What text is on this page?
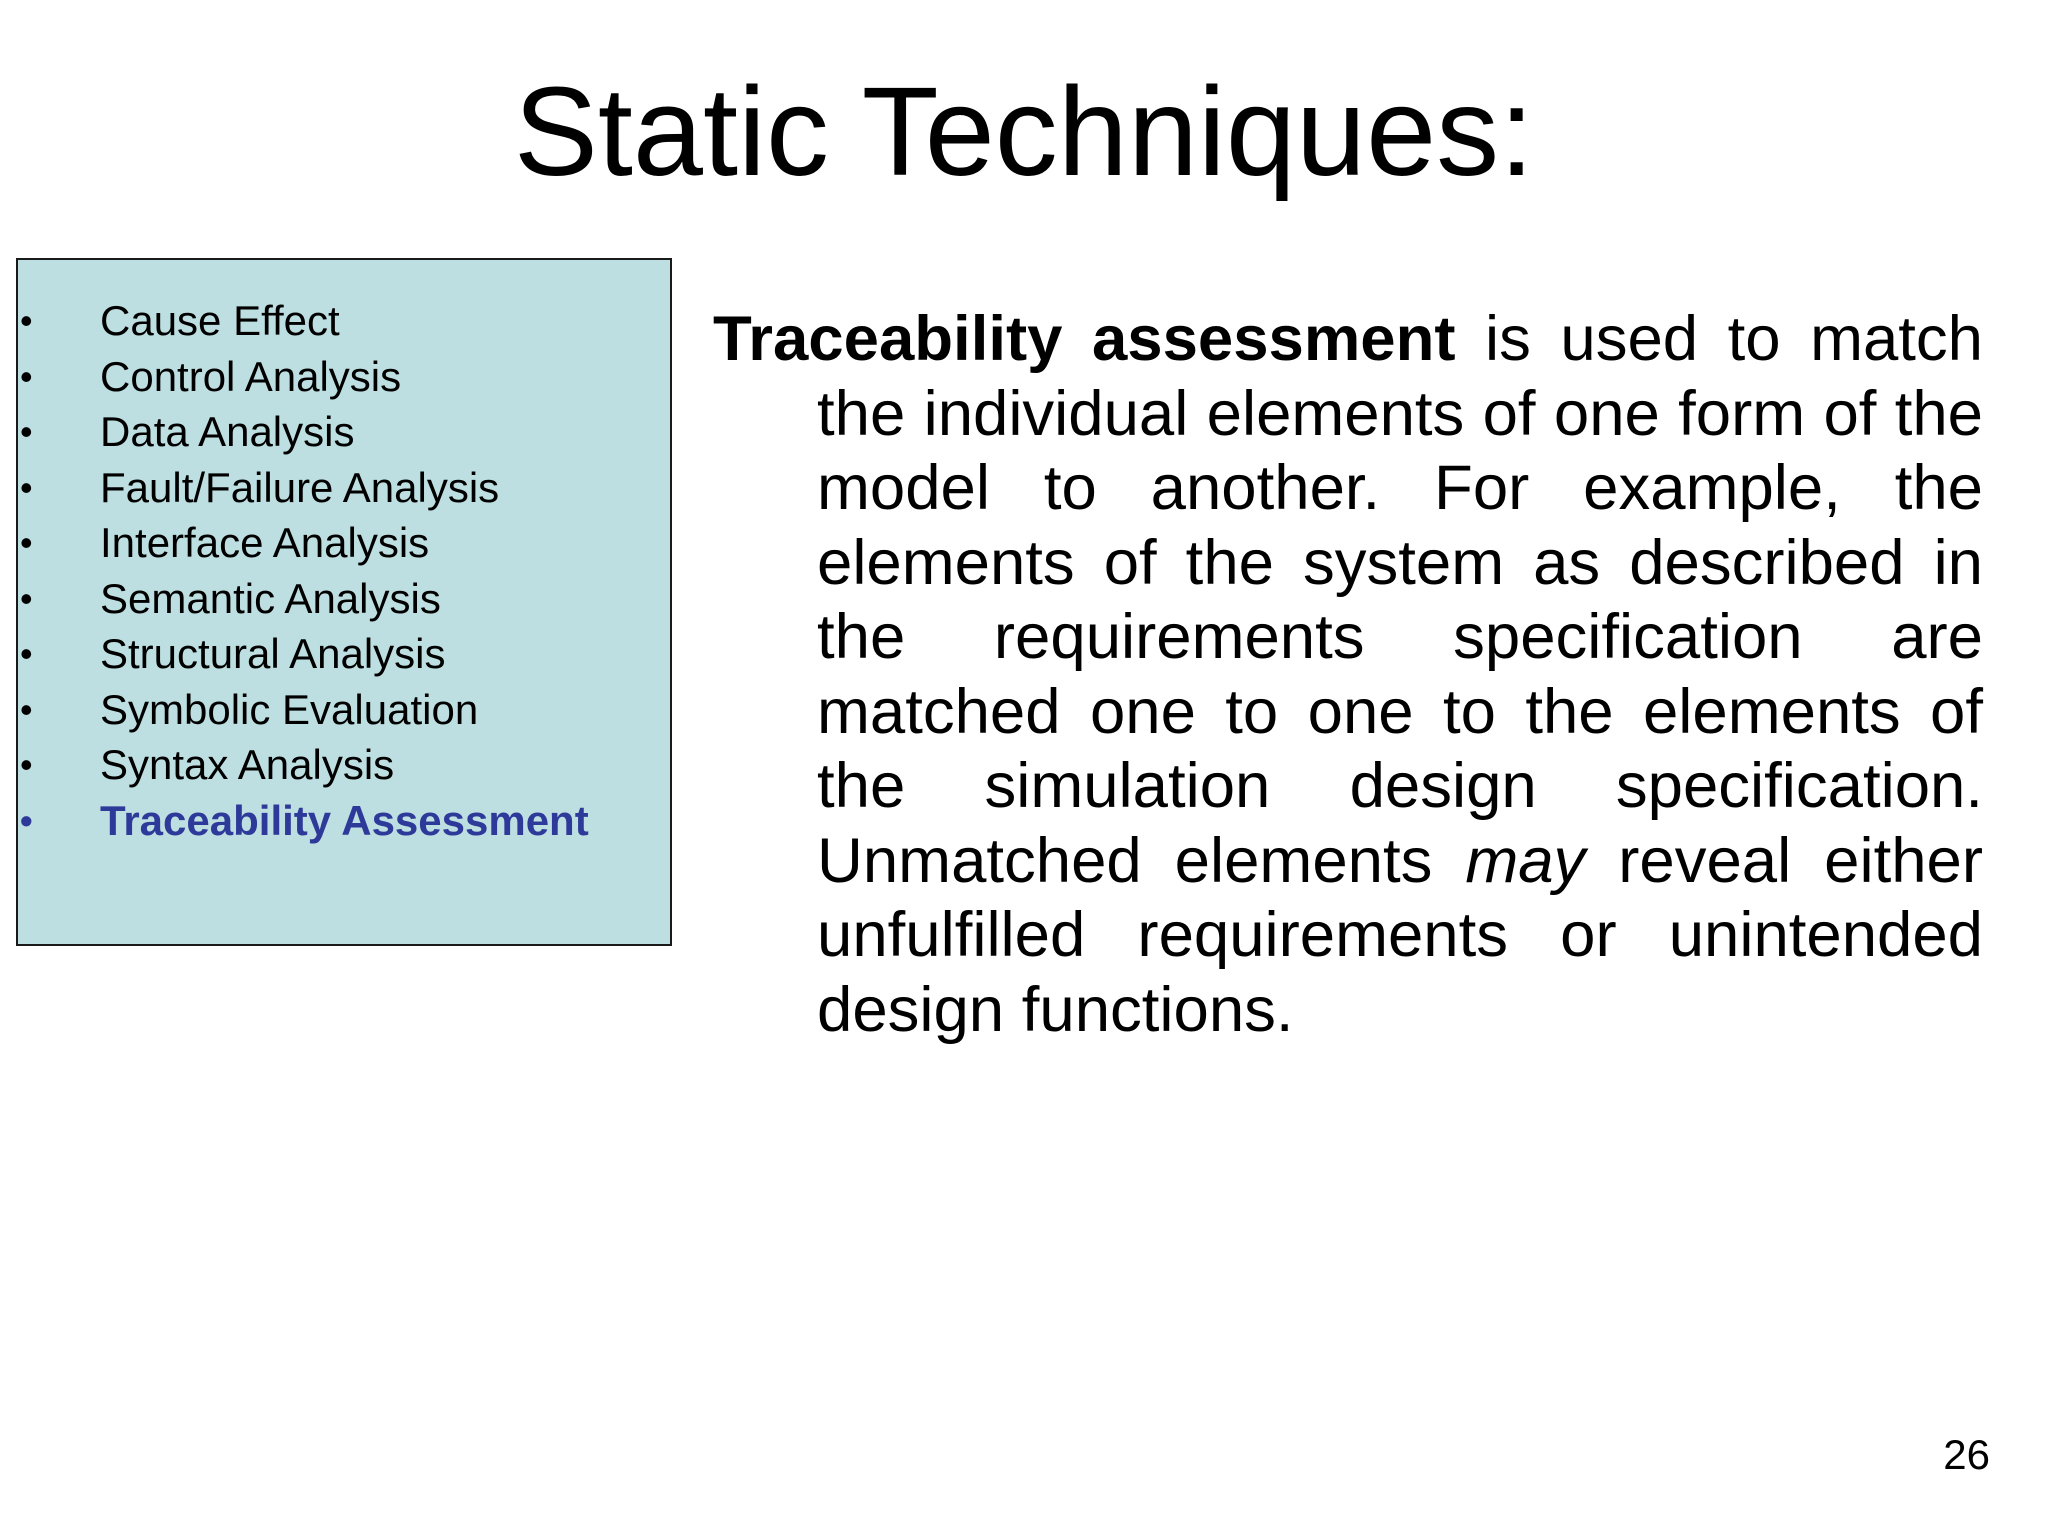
Static Techniques:
• Cause Effect
• Control Analysis
• Data Analysis
• Fault/Failure Analysis
• Interface Analysis
• Semantic Analysis
• Structural Analysis
• Symbolic Evaluation
• Syntax Analysis
• Traceability Assessment

Traceability assessment is used to match the individual elements of one form of the model to another. For example, the elements of the system as described in the requirements specification are matched one to one to the elements of the simulation design specification. Unmatched elements may reveal either unfulfilled requirements or unintended design functions.

26
